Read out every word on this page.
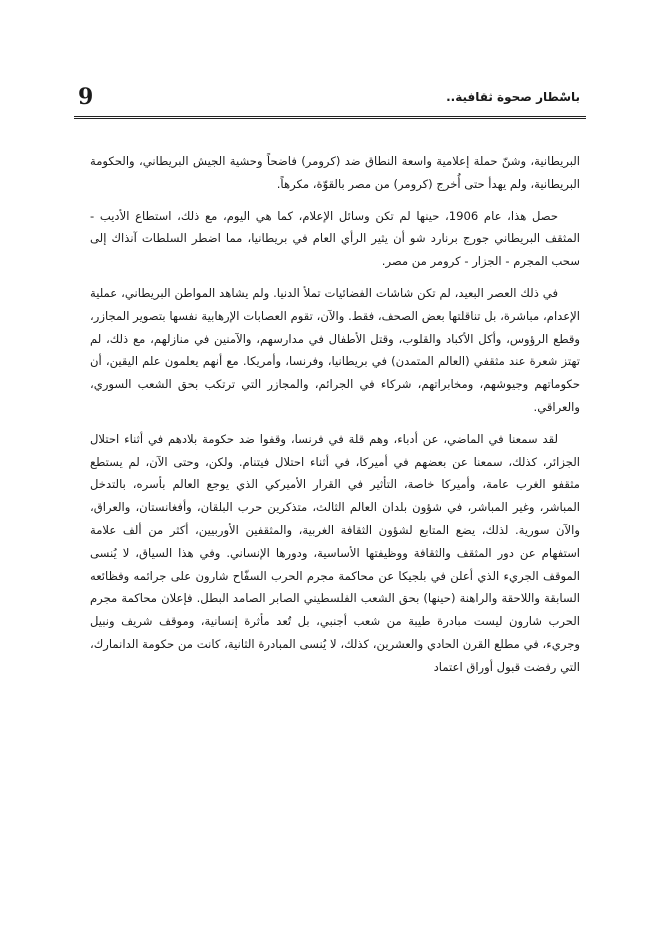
9	باسْطار صحوة ثقافية..

البريطانية، وشنّ حملة إعلامية واسعة النطاق ضد (كرومر) فاضحاً وحشية الجيش البريطاني، والحكومة البريطانية، ولم يهدأ حتى أُخرج (كرومر) من مصر بالقوّة، مكرهاً.

حصل هذا، عام 1906، حينها لم تكن وسائل الإعلام، كما هي اليوم، مع ذلك، استطاع الأديب - المثقف البريطاني جورج برنارد شو أن يثير الرأي العام في بريطانيا، مما اضطر السلطات آنذاك إلى سحب المجرم - الجزار - كرومر من مصر.

في ذلك العصر البعيد، لم تكن شاشات الفضائيات تملأ الدنيا. ولم يشاهد المواطن البريطاني، عملية الإعدام، مباشرة، بل تناقلتها بعض الصحف، فقط. والآن، تقوم العصابات الإرهابية نفسها بتصوير المجازر، وقطع الرؤوس، وأكل الأكباد والقلوب، وقتل الأطفال في مدارسهم، والآمنين في منازلهم، مع ذلك، لم تهتز شعرة عند مثقفي (العالم المتمدن) في بريطانيا، وفرنسا، وأمريكا. مع أنهم يعلمون علم اليقين، أن حكوماتهم وجيوشهم، ومخابراتهم، شركاء في الجرائم، والمجازر التي ترتكب بحق الشعب السوري، والعراقي.

لقد سمعنا في الماضي، عن أدباء، وهم قلة في فرنسا، وقفوا ضد حكومة بلادهم في أثناء احتلال الجزائر، كذلك، سمعنا عن بعضهم في أميركا، في أثناء احتلال فيتنام. ولكن، وحتى الآن، لم يستطع مثقفو الغرب عامة، وأميركا خاصة، التأثير في القرار الأميركي الذي يوجع العالم بأسره، بالتدخل المباشر، وغير المباشر، في شؤون بلدان العالم الثالث، متذكرين حرب البلقان، وأفغانستان، والعراق، والآن سورية. لذلك، يضع المتابع لشؤون الثقافة الغربية، والمثقفين الأوربيين، أكثر من ألف علامة استفهام عن دور المثقف والثقافة ووظيفتها الأساسية، ودورها الإنساني. وفي هذا السياق، لا يُنسى الموقف الجريء الذي أعلن في بلجيكا عن محاكمة مجرم الحرب السفّاح شارون على جرائمه وفظائعه السابقة واللاحقة والراهنة (حينها) بحق الشعب الفلسطيني الصابر الصامد البطل. فإعلان محاكمة مجرم الحرب شارون ليست مبادرة طيبة من شعب أجنبي، بل تُعد مأثرة إنسانية، وموقف شريف ونبيل وجريء، في مطلع القرن الحادي والعشرين، كذلك، لا يُنسى المبادرة الثانية، كانت من حكومة الدانمارك، التي رفضت قبول أوراق اعتماد
